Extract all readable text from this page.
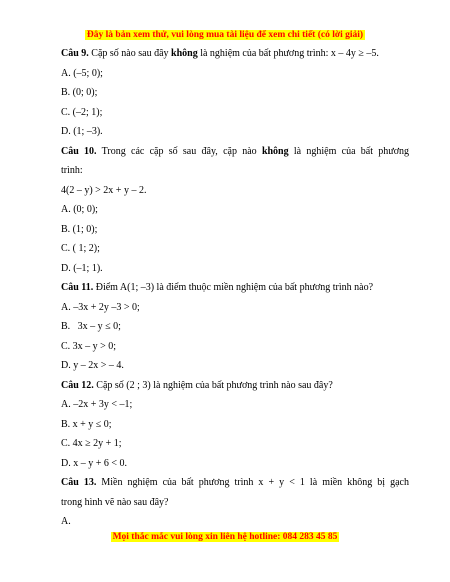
Đây là bản xem thử, vui lòng mua tài liệu để xem chi tiết (có lời giải)
Câu 9. Cặp số nào sau đây không là nghiệm của bất phương trình: x – 4y ≥ –5.
A. (–5; 0);
B. (0; 0);
C. (–2; 1);
D. (1; –3).
Câu 10. Trong các cặp số sau đây, cặp nào không là nghiệm của bất phương
trình:
4(2 – y) > 2x + y – 2.
A. (0; 0);
B. (1; 0);
C. ( 1; 2);
D. (–1; 1).
Câu 11. Điểm A(1; –3) là điểm thuộc miền nghiệm của bất phương trình nào?
A. –3x + 2y –3 > 0;
B.   3x – y ≤ 0;
C. 3x – y > 0;
D. y – 2x > – 4.
Câu 12. Cặp số (2 ; 3) là nghiệm của bất phương trình nào sau đây?
A. –2x + 3y < –1;
B. x + y ≤ 0;
C. 4x ≥ 2y + 1;
D. x – y + 6 < 0.
Câu 13. Miền nghiệm của bất phương trình x + y < 1 là miền không bị gạch
trong hình vẽ nào sau đây?
A.
Mọi thắc mắc vui lòng xin liên hệ hotline: 084 283 45 85
